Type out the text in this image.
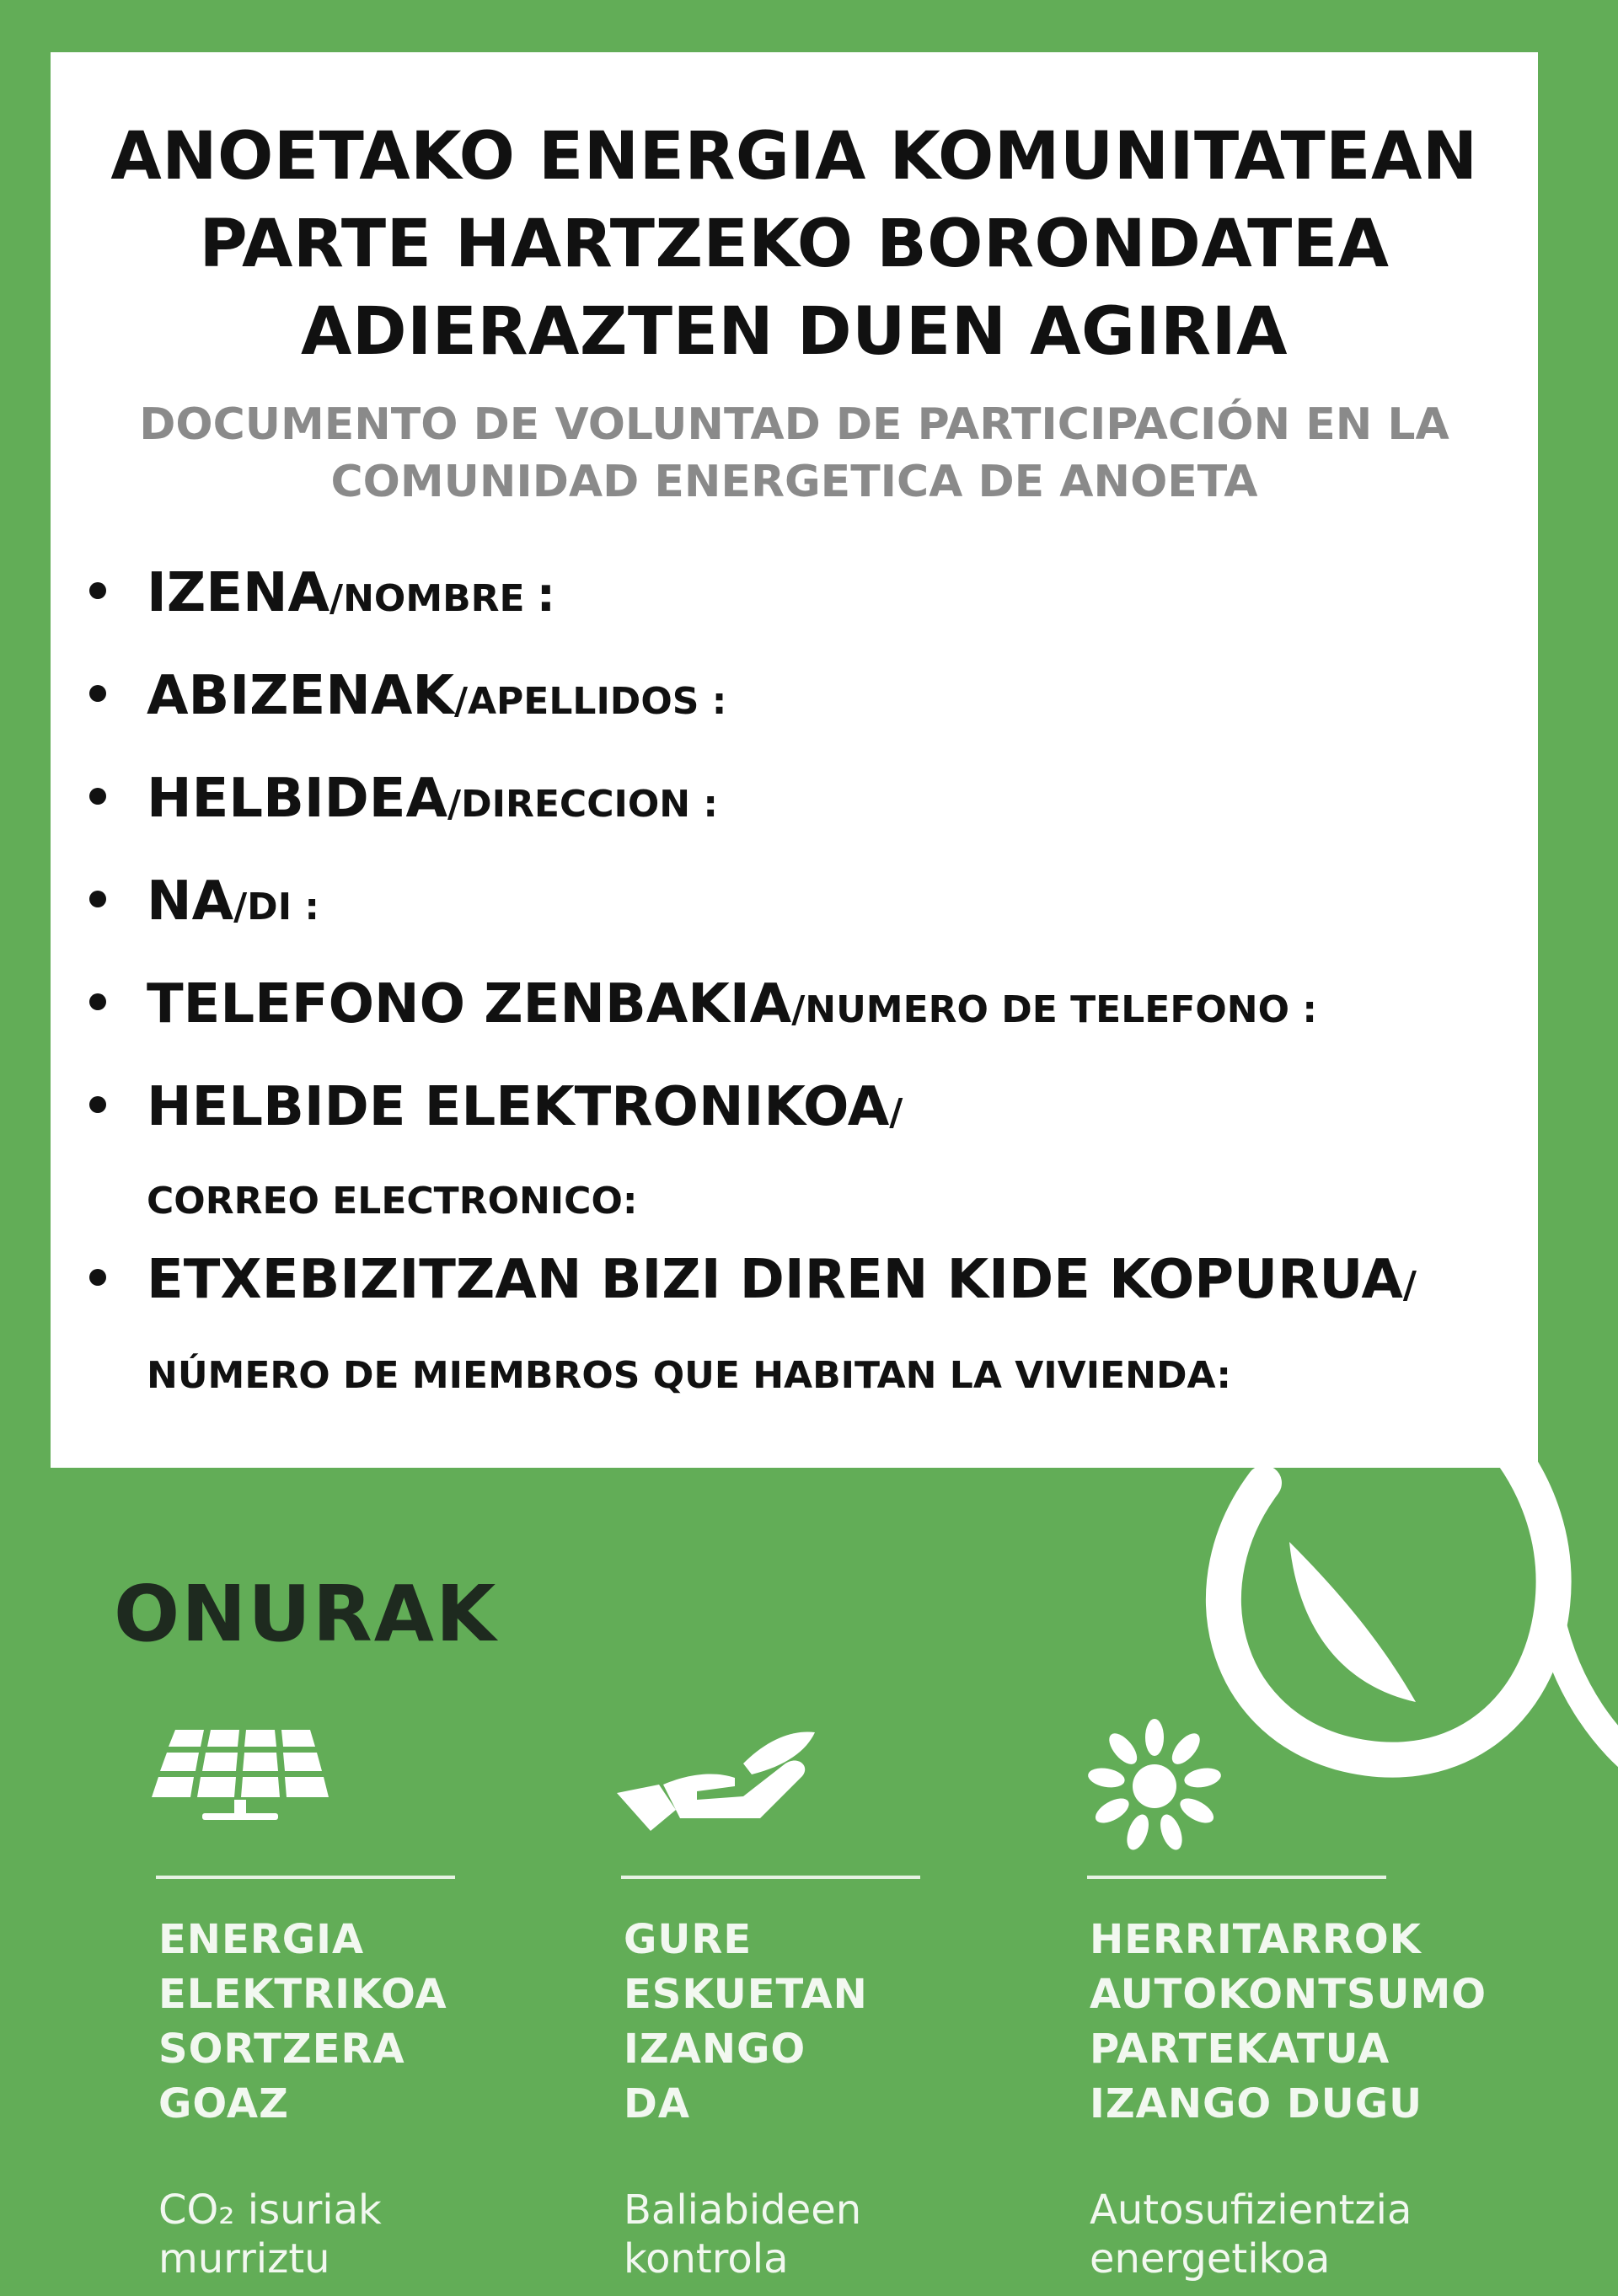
ANOETAKO ENERGIA KOMUNITATEAN
PARTE HARTZEKO BORONDATEA
ADIERAZTEN DUEN AGIRIA
DOCUMENTO DE VOLUNTAD DE PARTICIPACIÓN EN LA
COMUNIDAD ENERGETICA DE ANOETA
IZENA /NOMBRE :
ABIZENAK /APELLIDOS :
HELBIDEA /DIRECCION :
NA /DI :
TELEFONO ZENBAKIA /NUMERO DE TELEFONO :
HELBIDE ELEKTRONIKOA /
CORREO ELECTRONICO:
ETXEBIZITZAN BIZI DIREN KIDE KOPURUA /
NÚMERO DE MIEMBROS QUE HABITAN LA VIVIENDA:
ONURAK
ENERGIA
ELEKTRIKOA
SORTZERA
GOAZ
CO₂ isuriak
murriztu
GURE
ESKUETAN
IZANGO
DA
Baliabideen
kontrola
HERRITARROK
AUTOKONTSUMO
PARTEKATUA
IZANGO DUGU
Autosufizientzia
energetikoa
